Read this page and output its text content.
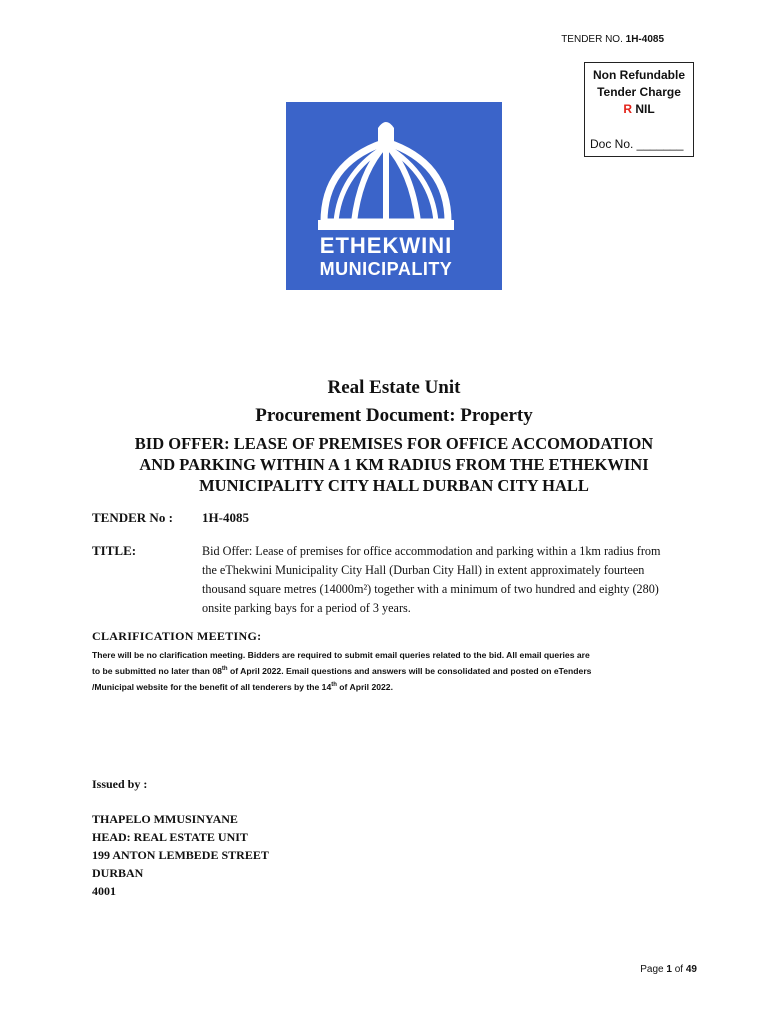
TENDER NO. 1H-4085
Non Refundable
Tender Charge
R NIL
Doc No. _______
ETHEKWINI
MUNICIPALITY
Real Estate Unit
Procurement Document: Property
BID OFFER: LEASE OF PREMISES FOR OFFICE ACCOMODATION
AND PARKING WITHIN A 1 KM RADIUS FROM THE ETHEKWINI
MUNICIPALITY CITY HALL DURBAN CITY HALL
TENDER No : 1H-4085
TITLE:	Bid Offer: Lease of premises for office accommodation and parking within a 1km radius from
the eThekwini Municipality City Hall (Durban City Hall) in extent approximately fourteen
thousand square metres (14000m²) together with a minimum of two hundred and eighty (280)
onsite parking bays for a period of 3 years.
CLARIFICATION MEETING:
There will be no clarification meeting. Bidders are required to submit email queries related to the bid. All email queries are
to be submitted no later than 08th of April 2022. Email questions and answers will be consolidated and posted on eTenders
/Municipal website for the benefit of all tenderers by the 14th of April 2022.
Issued by :
THAPELO MMUSINYANE
HEAD: REAL ESTATE UNIT
199 ANTON LEMBEDE STREET
DURBAN
4001
Page 1 of 49
